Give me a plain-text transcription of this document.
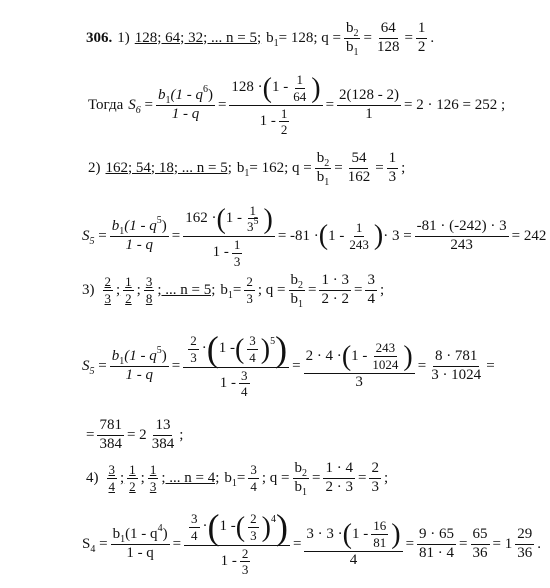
306. 1) 128; 64; 32; ... n = 5; $b_1 = 128$; $q = \frac{b_2}{b_1} = \frac{64}{128} = \frac{1}{2}$ .
Тогда $S_6 = \frac{b_1(1 - q^6)}{1 - q} = \frac{128 \cdot ( 1 - \frac{1}{64} )}{1 - \frac{1}{2}} = \frac{2(128 - 2)}{1} = 2 \cdot 126 = 252$ ;
2) 162; 54; 18; ... n = 5; $b_1 = 162$; $q = \frac{b_2}{b_1} = \frac{54}{162} = \frac{1}{3}$ ;
$S_5 = \frac{b_1(1 - q^5)}{1 - q} = \frac{162 \cdot ( 1 - \frac{1}{3^5} )}{1 - \frac{1}{3}} = -81$ · ( $1 - \frac{1}{243}$ ) · $3 = \frac{-81 \cdot (-242) \cdot 3}{243} = 242$
$3) \frac{2}{3}$ ; $\frac{1}{2}$ ; $\frac{3}{8}$ ; ... n = 5; $b_1 = \frac{2}{3}$ ; $q = \frac{b_2}{b_1} = \frac{1 \cdot 3}{2 \cdot 2} = \frac{3}{4}$ ;
$S_5 = \frac{b_1(1 - q^5)}{1 - q} = \frac{\frac{2}{3} \cdot ( 1 - ( \frac{3}{4} ) 5 )}{1 - \frac{3}{4}} = \frac{2 \cdot 4 \cdot ( 1 - \frac{243}{1024} )}{3} = \frac{8 \cdot 781}{3 \cdot 1024}$ =
= $\frac{781}{384} = 2 \frac{13}{384}$ ;
$4) \frac{3}{4}$ ; $\frac{1}{2}$ ; $\frac{1}{3}$ ; ... n = 4; $b_1 = \frac{3}{4}$ ; $q = \frac{b_2}{b_1} = \frac{1 \cdot 4}{2 \cdot 3} = \frac{2}{3}$ ;
$S_4 = \frac{b_1(1 - q^4)}{1 - q} = \frac{\frac{3}{4} \cdot ( 1 - ( \frac{2}{3} ) 4 )}{1 - \frac{2}{3}} = \frac{3 \cdot 3 \cdot ( 1 - \frac{16}{81} )}{4} = \frac{9 \cdot 65}{81 \cdot 4} = \frac{65}{36} = 1 \frac{29}{36}$ .
